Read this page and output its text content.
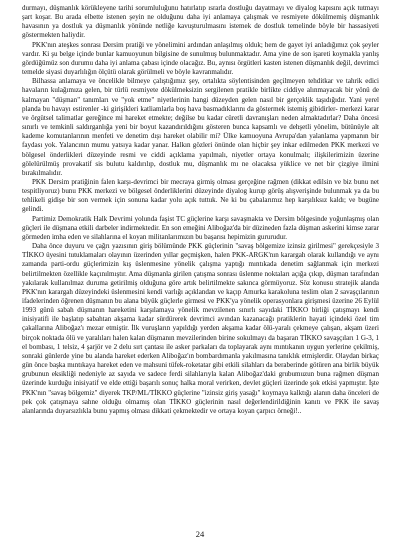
durmayı, düşmanlık körükleyene tarihi sorumluluğunu hatırlatıp ısrarla dostluğu dayatmayı ve diyalog kapısını açık tutmayı şart koşar. Bu arada elbette istenen şeyin ne olduğunu daha iyi anlamaya çalışmak ve resmiyete dökülmemiş düşmanlık havasının ya dostluk ya düşmanlık yönünde netliğe kavuşturulmasını istemek de dostluk temelinde böyle bir hassasiyeti göstermekten haliydir.

PKK'nın ateşkes sonrası Dersim pratiği ve yönelimini ardından anlaşılmış olduk; hem de gayet iyi anladığımız çok şeyler vardır. Ki şu belge içinde bunlar kamuoyunun bilgisine de sunulmuş bulunmaktadır. Ama yine de son işareti koymakla yanlış gördüğümüz son durumu daha iyi anlama çabası içinde olacağız. Bu, aynısı örgütleri kasten istenen düşmanlık değil, devrimci temelde siyasi duyarlılığın ölçütü olarak görülmeli ve böyle kavranmalıdır.

Bilhassa anlamaya ve öncelikle bilmeye çalıştığımız şey, ortalıkta söylentisinden geçilmeyen tehditkar ve tahrik edici havaların kulağımıza gelen, bir türlü resmiyete dökülmeksizin sergilenen pratikle birlikte ciddiye alınmayacak bir yönü de kalmayan "düşman" tanımları ve "yok etme" niyetlerinin hangi düzeyden gelen nasıl bir gerçeklik taşıdığıdır. Yani yerel planda bu havayı estirenler -ki girişikleri katliamlarla boş hava basmadıklarını da göstermek istemiş gibidirler- merkezi karar ve örgütsel talimatlar gereğince mi hareket etmekte; değilse bu kadar cüretli davranışları neden almaktadırlar? Daha öncesi sınırlı ve temkinli saldırganlığa yeni bir boyut kazandırıldığını gösteren bunca kapsamlı ve dehşetli yönelim, bütünüyle alt kademe komutanlarının menfeti ve denetim dışı hareket olabilir mi? Ülke kamuoyuna Avrupa'dan yalanlama yapmanın bir faydası yok. Yalancının mumu yatsıya kadar yanar. Halkın gözleri önünde olan hiçbir şey inkar edilmeden PKK merkezi ve bölgesel önderlikleri düzeyinde resmi ve ciddi açıklama yapılmalı, niyetler ortaya konulmalı; ilişkilerimizin üzerine gölelürülmüş provakatif sis bulutu kaldırılıp, dostluk mu, düşmanlık mı ne olacaksa yüklice ve net bir çizgiye ilmini bırakılmalıdır.

PKK Dersim pratiğinin falen karşı-devrimci bir mecraya girmiş olması gerçeğine rağmen (dikkat edilsin ve biz bunu net tespitliyoruz) bunu PKK merkezi ve bölgesel önderliklerini düzeyinde diyalog kurup görüş alışverişinde bulunmak ya da bu tehlikeli gidişe bir son vermek için sonuna kadar yolu açık tuttuk. Ne ki bu çabalarımız hep karşılıksız kaldı; ve bugüne gelindi.

Partimiz Demokratik Halk Devrimi yolunda faşist TC güçlerine karşı savaşmakta ve Dersim bölgesinde yoğunlaşmış olan güçleri ile düşmana etkili darbeler indirmektedir. En son emeğini Aliboğaz'da bir düzineden fazla düşman askerini kimse zarar görmeden imha eden ve silahlarına el koyan militanlarımızın bu başarısı hepimizin gururudur.

Daha önce duyuru ve çağrı yazısının giriş bölümünde PKK güçlerinin "savaş bölgemize izinsiz girilmesi" gerekçesiyle 3 TİKKO üyesini tutuklamaları olayının üzerinden yıllar geçmişken, halen PKK-ARGK'nın karargah olarak kullandığı ve aynı zamanda parti-ordu güçlerimizin kış üslenmesine yönelik çalışma yaptığı mıntıkada denetim sağlanmak için merkezi belirtilmekten özellikle kaçınılmıştır. Ama düşmanla girilen çatışma sonrası üslenme noktaları açığa çıkıp, düşman tarafından yakılarak kullanılmaz duruma getirilmiş olduğuna göre artık belirtilmekte sakınca görmüyoruz. Söz konusu stratejik alanda PKK'nın karargah düzeyindeki üslenmesini kendi varlığı açıklandan ve kaçıp Amurka karakoluna teslim olan 2 savaşçılarının ifadelerinden öğrenen düşmanın bu alana büyük güçlerle girmesi ve PKK'ya yönelik operasyonlara girişmesi üzerine 26 Eylül 1993 günü sabah düşmanın hareketini karşılamaya yönelik mevzilenen sınırlı sayıdaki TİKKO birliği çatışmayı kendi inisiyatifi ile başlatıp sabahtan akşama kadar sürdürerek devrimci avından kazanacağı pratiklerin hayati içindeki özel tim çakallarına Aliboğaz'ı mezar etmiştir. İlk vuruşların yapıldığı yerden akşama kadar ölü-yaralı çekmeye çalışan, akşam üzeri birçok noktada ölü ve yaralıları halen kalan düşmanın mevzilerinden birine sokulmayı da başaran TİKKO savaşçıları 1 G-3, 1 el bombası, 1 telsiz, 4 şarjör ve 2 delu sırt çantası ile asker parkaları da toplayarak aynı mıntıkanın uygun yerlerine çekilmiş, sonraki günlerde yine bu alanda hareket ederken Aliboğaz'ın bombardımanla yakılmasına tanıklık etmişlerdir. Olaydan birkaç gün önce başka mıntıkaya hareket eden ve mahsuni tüfek-roketatar gibi etkili silahları da beraberinde götüren ana birlik büyük grubunun eksikliği nedeniyle az sayıda ve sadece ferdi silahlarıyla kalan Aliboğaz'daki grubumuzun buna rağmen düşman üzerinde kurduğu inisiyatif ve elde ettiği başarılı sonuç halka moral verirken, devlet güçleri üzerinde şok etkisi yapmıştır. İşte PKK'nın "savaş bölgemiz" diyerek TKP/ML/TİKKO güçlerine "izinsiz giriş yasağı" koymaya kalktığı alanın daha önceleri de pek çok çatışmaya sahne olduğu olmamış olan TİKKO güçlerinin nasıl değerlendirildiğinin kanıtı ve PKK ile savaş alanlarında duyarsızlıkla bunu yapmış olması dikkati çekmektedir ve ortaya koyan çarpıcı örneği!..

24
